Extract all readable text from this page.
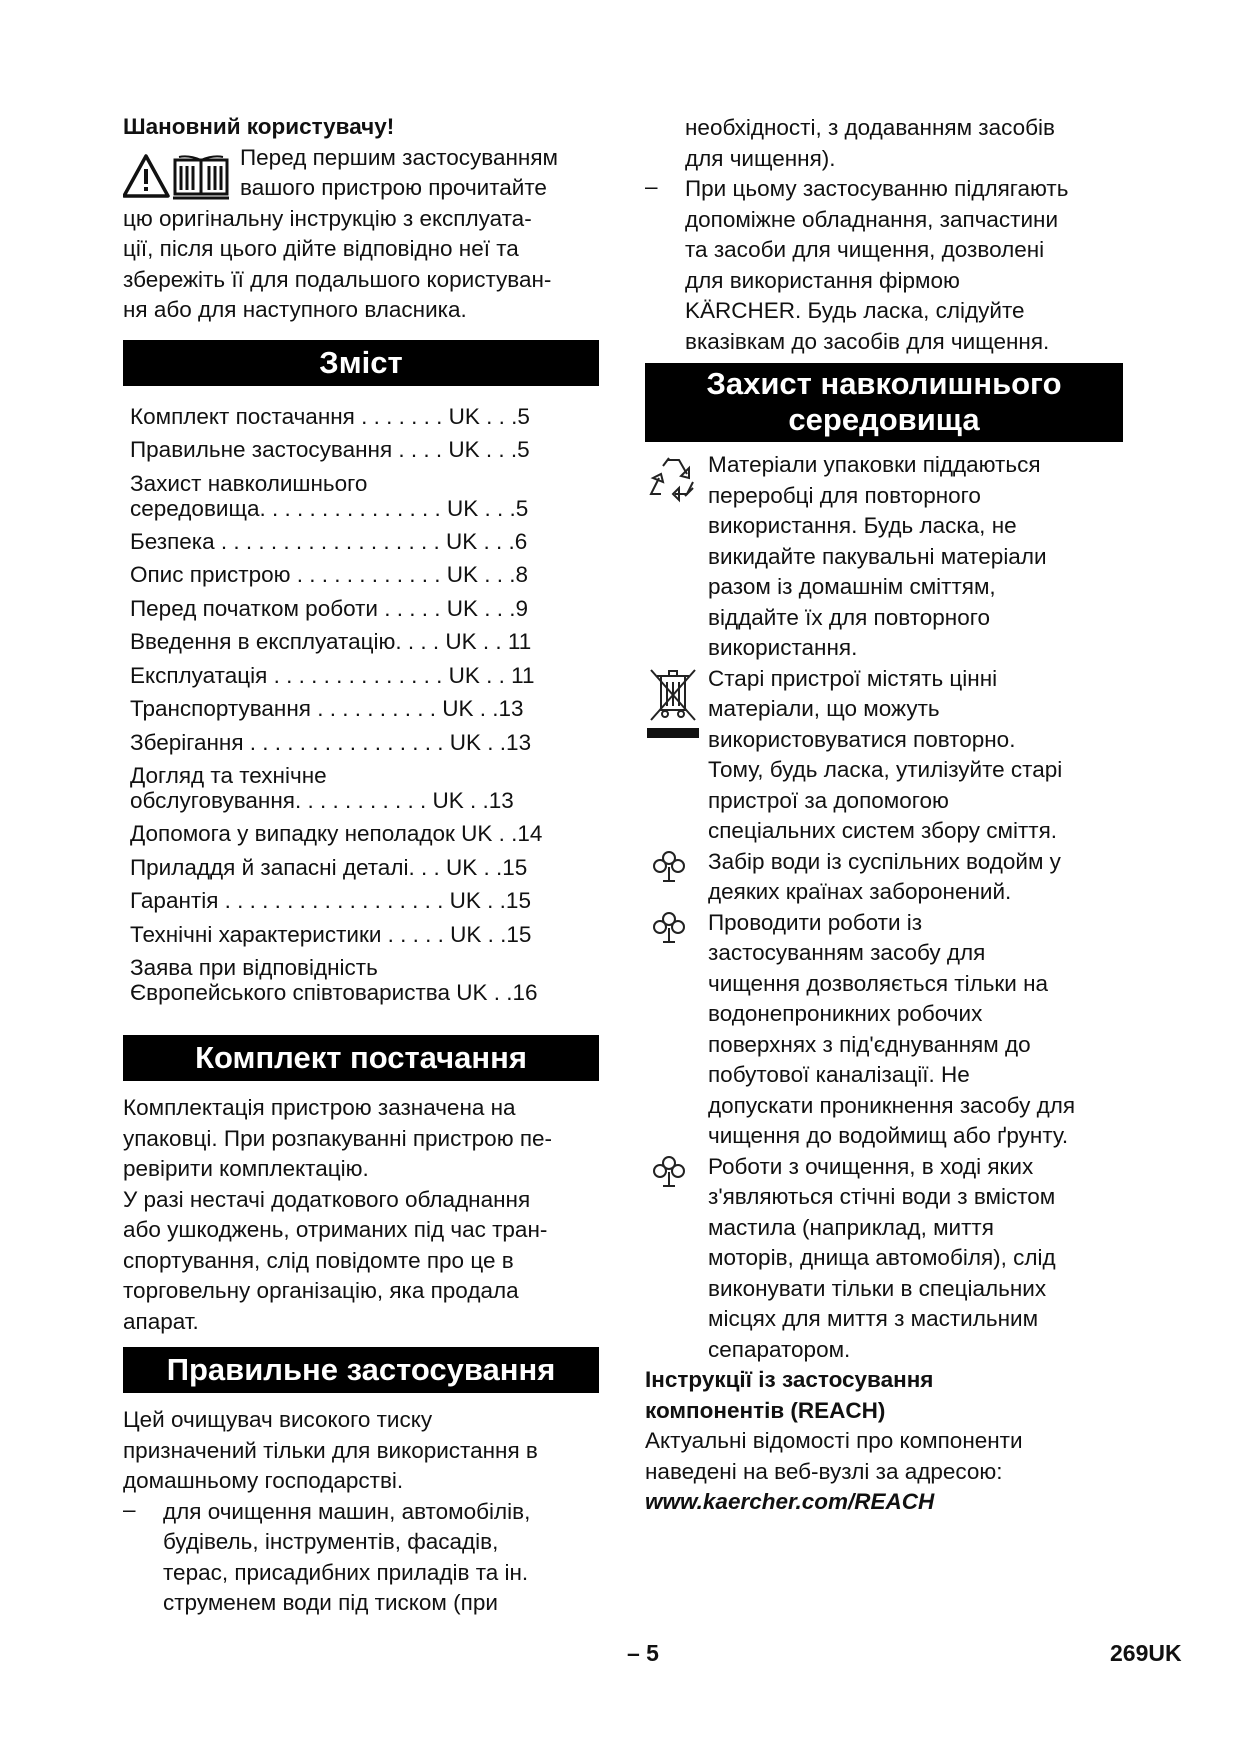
Шановний користувачу!

Перед першим застосуванням

вашого пристрою прочитайте

цю оригінальну інструкцію з експлуата-

ції, після цього дійте відповідно неї та

збережіть її для подальшого користуван-

ня або для наступного власника.

Зміст
Комплект постачання . . . . . . . UK . . .5
Правильне застосування . . . . UK . . .5
Захист навколишнього
середовища. . . . . . . . . . . . . . . UK . . .5
Безпека . . . . . . . . . . . . . . . . . . UK . . .6
Опис пристрою . . . . . . . . . . . . UK . . .8
Перед початком роботи . . . . . UK . . .9
Введення в експлуатацію. . . . UK . . 11
Експлуатація . . . . . . . . . . . . . . UK . . 11
Транспортування . . . . . . . . . . UK . .13
Зберігання . . . . . . . . . . . . . . . . UK . .13
Догляд та технічне
обслуговування. . . . . . . . . . . UK . .13
Допомога у випадку неполадок UK . .14
Приладдя й запасні деталі. . . UK . .15
Гарантія . . . . . . . . . . . . . . . . . . UK . .15
Технічні характеристики . . . . . UK . .15
Заява при відповідність
Європейського співтовариства UK . .16
Комплект постачання

Комплектація пристрою зазначена на

упаковці. При розпакуванні пристрою пе-

ревірити комплектацію.

У разі нестачі додаткового обладнання

або ушкоджень, отриманих під час тран-

спортування, слід повідомте про це в

торговельну організацію, яка продала

апарат.

Правильне застосування

Цей очищувач високого тиску

призначений тільки для використання в

домашньому господарстві.

–	для очищення машин, автомобілів,

будівель, інструментів, фасадів,

терас, присадибних приладів та ін.

струменем води під тиском (при

необхідності, з додаванням засобів

для чищення).

–	При цьому застосуванню підлягають

допоміжне обладнання, запчастини

та засоби для чищення, дозволені

для використання фірмою

KÄRCHER. Будь ласка, слідуйте

вказівкам до засобів для чищення.

Захист навколишнього
середовища

Матеріали упаковки піддаються

переробці для повторного

використання. Будь ласка, не

викидайте пакувальні матеріали

разом із домашнім сміттям,

віддайте їх для повторного

використання.

Старі пристрої містять цінні

матеріали, що можуть

використовуватися повторно.

Тому, будь ласка, утилізуйте старі

пристрої за допомогою

спеціальних систем збору сміття.

Забір води із суспільних водойм у

деяких країнах заборонений.

Проводити роботи із

застосуванням засобу для

чищення дозволяється тільки на

водонепроникних робочих

поверхнях з під'єднуванням до

побутової каналізації. Не

допускати проникнення засобу для

чищення до водоймищ або ґрунту.

Роботи з очищення, в ході яких

з'являються стічні води з вмістом

мастила (наприклад, миття

моторів, днища автомобіля), слід

виконувати тільки в спеціальних

місцях для миття з мастильним

сепаратором.

Інструкції із застосування

компонентів (REACH)

Актуальні відомості про компоненти

наведені на веб-вузлі за адресою:

www.kaercher.com/REACH

– 5	269UK
